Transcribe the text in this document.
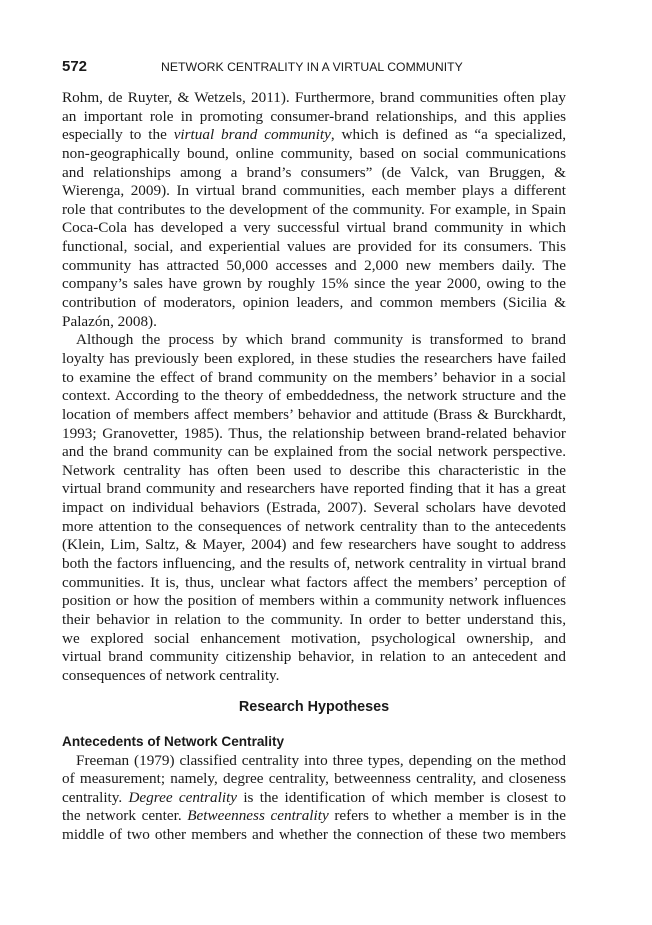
572	NETWORK CENTRALITY IN A VIRTUAL COMMUNITY
Rohm, de Ruyter, & Wetzels, 2011). Furthermore, brand communities often play
an important role in promoting consumer-brand relationships, and this applies
especially to the virtual brand community, which is defined as “a specialized,
non-geographically bound, online community, based on social communications
and relationships among a brand’s consumers” (de Valck, van Bruggen, &
Wierenga, 2009). In virtual brand communities, each member plays a different
role that contributes to the development of the community. For example, in Spain
Coca-Cola has developed a very successful virtual brand community in which
functional, social, and experiential values are provided for its consumers. This
community has attracted 50,000 accesses and 2,000 new members daily. The
company’s sales have grown by roughly 15% since the year 2000, owing to the
contribution of moderators, opinion leaders, and common members (Sicilia &
Palazón, 2008).
Although the process by which brand community is transformed to brand
loyalty has previously been explored, in these studies the researchers have failed
to examine the effect of brand community on the members’ behavior in a social
context. According to the theory of embeddedness, the network structure and the
location of members affect members’ behavior and attitude (Brass & Burckhardt,
1993; Granovetter, 1985). Thus, the relationship between brand-related behavior
and the brand community can be explained from the social network perspective.
Network centrality has often been used to describe this characteristic in the
virtual brand community and researchers have reported finding that it has a great
impact on individual behaviors (Estrada, 2007). Several scholars have devoted
more attention to the consequences of network centrality than to the antecedents
(Klein, Lim, Saltz, & Mayer, 2004) and few researchers have sought to address
both the factors influencing, and the results of, network centrality in virtual brand
communities. It is, thus, unclear what factors affect the members’ perception of
position or how the position of members within a community network influences
their behavior in relation to the community. In order to better understand this,
we explored social enhancement motivation, psychological ownership, and
virtual brand community citizenship behavior, in relation to an antecedent and
consequences of network centrality.
Research Hypotheses
Antecedents of Network Centrality
Freeman (1979) classified centrality into three types, depending on the method
of measurement; namely, degree centrality, betweenness centrality, and closeness
centrality. Degree centrality is the identification of which member is closest to
the network center. Betweenness centrality refers to whether a member is in the
middle of two other members and whether the connection of these two members
